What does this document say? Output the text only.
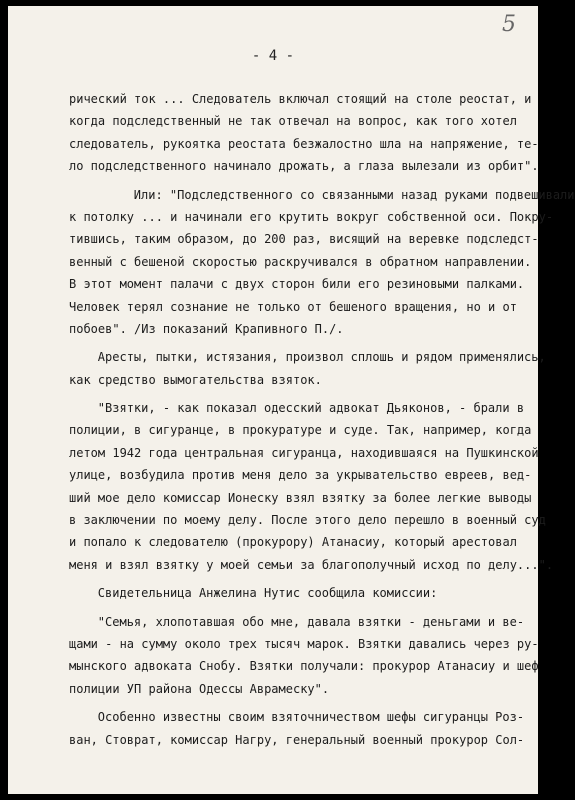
5
- 4 -
рический ток ... Следователь включал стоящий на столе реостат, и
когда подследственный не так отвечал на вопрос, как того хотел
следователь, рукоятка реостата безжалостно шла на напряжение, те-
ло подследственного начинало дрожать, а глаза вылезали из орбит".
Или: "Подследственного со связанными назад руками подвешивали
к потолку ... и начинали его крутить вокруг собственной оси. Покру-
тившись, таким образом, до 200 раз, висящий на веревке подследст-
венный с бешеной скоростью раскручивался в обратном направлении.
В этот момент палачи с двух сторон били его резиновыми палками.
Человек терял сознание не только от бешеного вращения, но и от
побоев". /Из показаний Крапивного П./.
Аресты, пытки, истязания, произвол сплошь и рядом применялись,
как средство вымогательства взяток.
"Взятки, - как показал одесский адвокат Дьяконов, - брали в
полиции, в сигуранце, в прокуратуре и суде. Так, например, когда
летом 1942 года центральная сигуранца, находившаяся на Пушкинской
улице, возбудила против меня дело за укрывательство евреев, вед-
ший мое дело комиссар Ионеску взял взятку за более легкие выводы
в заключении по моему делу. После этого дело перешло в военный суд
и попало к следователю (прокурору) Атанасиу, который арестовал
меня и взял взятку у моей семьи за благополучный исход по делу...".
Свидетельница Анжелина Нутис сообщила комиссии:
"Семья, хлопотавшая обо мне, давала взятки - деньгами и ве-
щами - на сумму около трех тысяч марок. Взятки давались через ру-
мынского адвоката Снобу. Взятки получали: прокурор Атанасиу и шеф
полиции УП района Одессы Аврамеску".
Особенно известны своим взяточничеством шефы сигуранцы Роз-
ван, Стоврат, комиссар Нагру, генеральный военный прокурор Сол-
